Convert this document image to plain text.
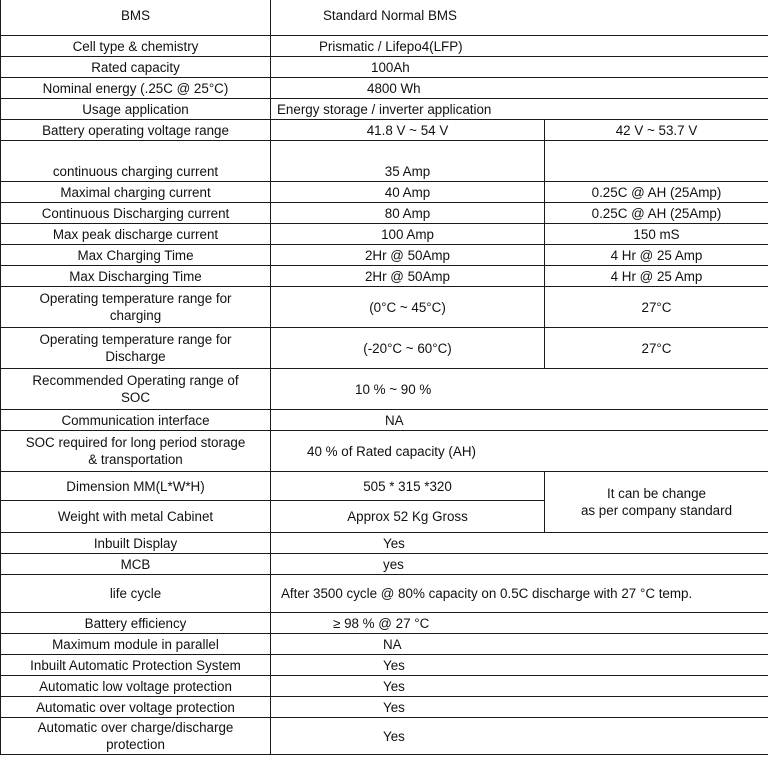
BMS	Standard Normal BMS	
Cell type & chemistry	Prismatic / Lifepo4(LFP)	
Rated capacity	100Ah	
Nominal energy (.25C @ 25°C)	4800 Wh	
Usage application	Energy storage / inverter application	
Battery operating voltage range	41.8 V ~ 54 V	42 V ~ 53.7 V
continuous charging current	35 Amp	
Maximal charging current	40 Amp	0.25C @ AH (25Amp)
Continuous Discharging current	80 Amp	0.25C @ AH (25Amp)
Max peak discharge current	100 Amp	150 mS
Max Charging Time	2Hr @ 50Amp	4 Hr @ 25 Amp
Max Discharging Time	2Hr @ 50Amp	4 Hr @ 25 Amp

Operating temperature range for
charging	(0°C ~ 45°C)	27°C

Operating temperature range for
Discharge	(-20°C ~ 60°C)	27°C

Recommended Operating range of
SOC	10 % ~ 90 %	
Communication interface	NA	

SOC required for long period storage
& transportation	40 % of Rated capacity (AH)	
Dimension MM(L*W*H)	505 * 315 *320	It can be change
as per company standard

Weight with metal Cabinet	Approx 52 Kg Gross	
Inbuilt Display	Yes	
MCB	yes	
life cycle	After 3500 cycle @ 80% capacity on 0.5C discharge with 27 °C temp.	
Battery efficiency	≥ 98 % @ 27 °C	
Maximum module in parallel	NA	
Inbuilt Automatic Protection System	Yes	
Automatic low voltage protection	Yes	
Automatic over voltage protection	Yes	

Automatic over charge/discharge
protection	Yes	
